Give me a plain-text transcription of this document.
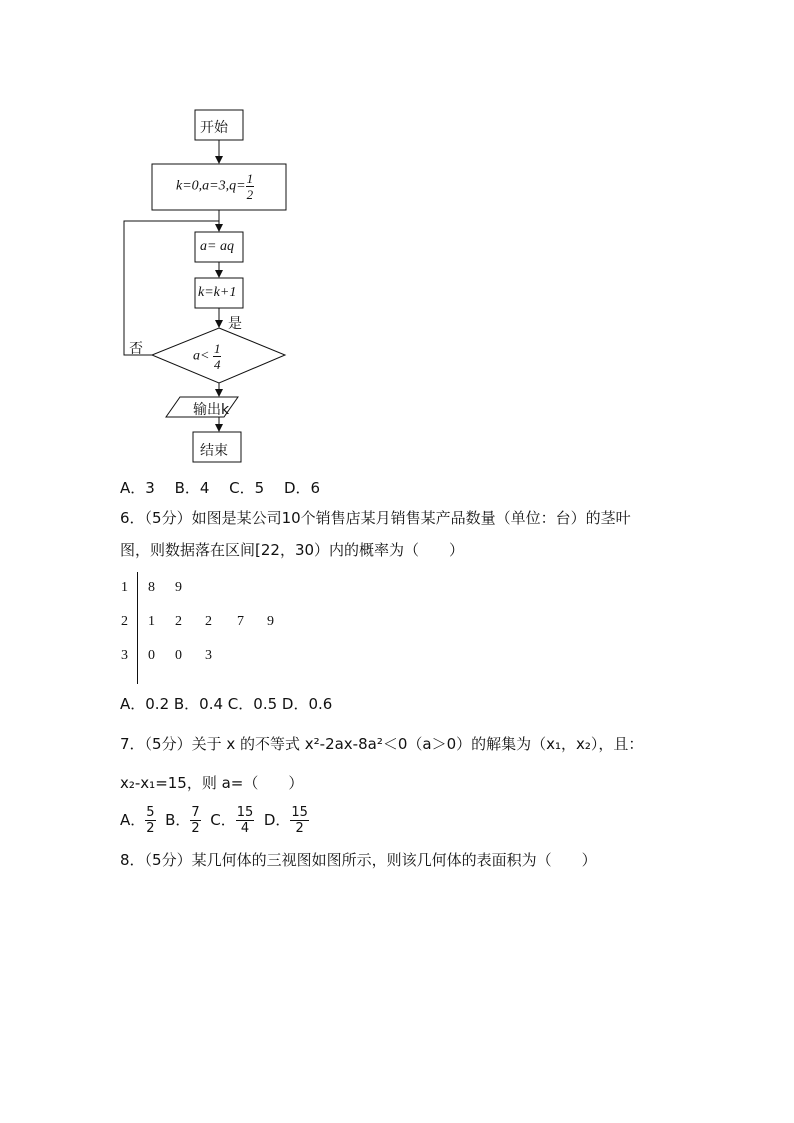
开始
$k=0,a=3,q= \frac{1}{2}$
a= aq
k=k+1
是
否	$a< \frac{1}{4}$
输出k
结束
A．3　 B．4　 C．5　 D．6
6．（5分）如图是某公司10个销售店某月销售某产品数量（单位：台）的茎叶
图，则数据落在区间[22，30）内的概率为（　　）
1 8 9
2 1 2 2 7 9
3 0 0 3
A．0.2 B．0.4 C．0.5 D．0.6
7．（5分）关于 x 的不等式 x²-2ax-8a²＜0（a＞0）的解集为（x₁，x₂），且：
x₂-x₁=15，则 a=（　　）
A． $\frac{5}{2}$ B． $\frac{7}{2}$ C． $\frac{15}{4}$ D． $\frac{15}{2}$
8．（5分）某几何体的三视图如图所示，则该几何体的表面积为（　　）
